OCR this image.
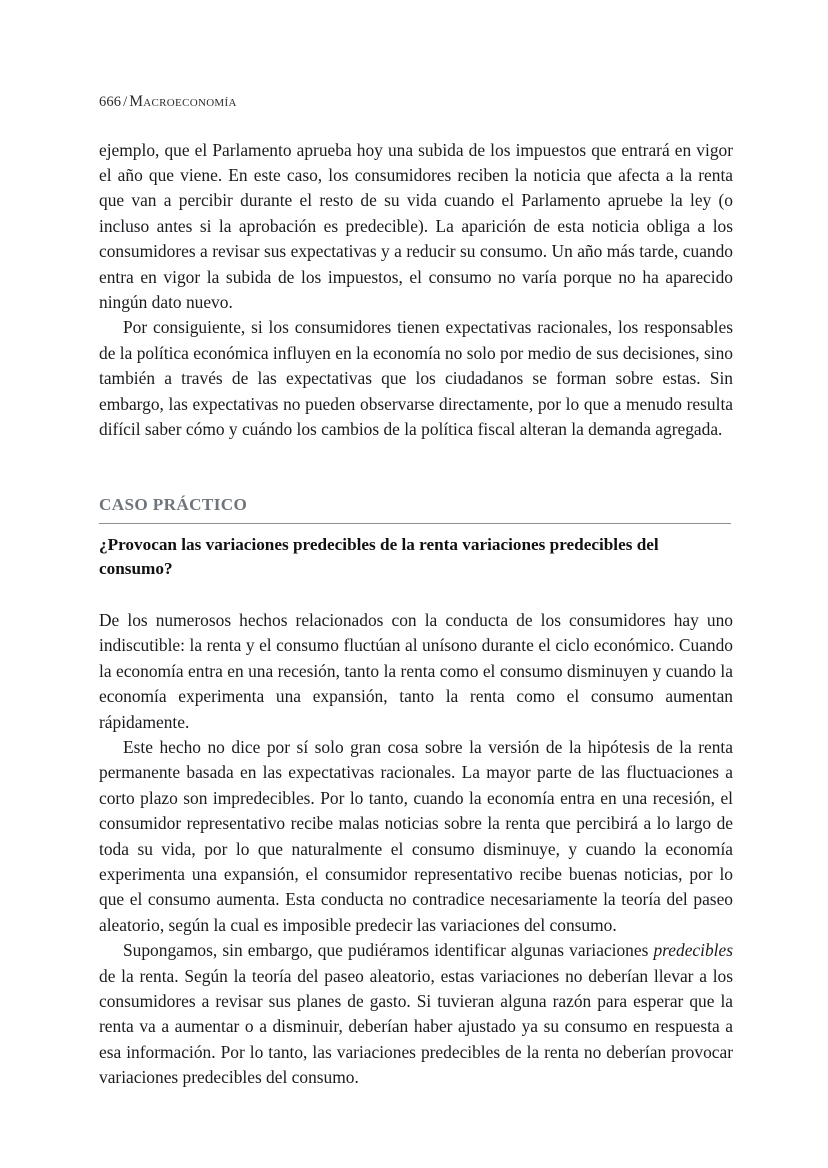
666 / Macroeconomía

ejemplo, que el Parlamento aprueba hoy una subida de los impuestos que entrará en vigor el año que viene. En este caso, los consumidores reciben la noticia que afecta a la renta que van a percibir durante el resto de su vida cuando el Parlamento apruebe la ley (o incluso antes si la aprobación es predecible). La aparición de esta noticia obliga a los consumidores a revisar sus expectativas y a reducir su consumo. Un año más tarde, cuando entra en vigor la subida de los impuestos, el consumo no varía porque no ha aparecido ningún dato nuevo.

Por consiguiente, si los consumidores tienen expectativas racionales, los responsables de la política económica influyen en la economía no solo por medio de sus decisiones, sino también a través de las expectativas que los ciudadanos se forman sobre estas. Sin embargo, las expectativas no pueden observarse directamente, por lo que a menudo resulta difícil saber cómo y cuándo los cambios de la política fiscal alteran la demanda agregada.

CASO PRÁCTICO
¿Provocan las variaciones predecibles de la renta variaciones predecibles del consumo?

De los numerosos hechos relacionados con la conducta de los consumidores hay uno indiscutible: la renta y el consumo fluctúan al unísono durante el ciclo económico. Cuando la economía entra en una recesión, tanto la renta como el consumo disminuyen y cuando la economía experimenta una expansión, tanto la renta como el consumo aumentan rápidamente.

Este hecho no dice por sí solo gran cosa sobre la versión de la hipótesis de la renta permanente basada en las expectativas racionales. La mayor parte de las fluctuaciones a corto plazo son impredecibles. Por lo tanto, cuando la economía entra en una recesión, el consumidor representativo recibe malas noticias sobre la renta que percibirá a lo largo de toda su vida, por lo que naturalmente el consumo disminuye, y cuando la economía experimenta una expansión, el consumidor representativo recibe buenas noticias, por lo que el consumo aumenta. Esta conducta no contradice necesariamente la teoría del paseo aleatorio, según la cual es imposible predecir las variaciones del consumo.

Supongamos, sin embargo, que pudiéramos identificar algunas variaciones predecibles de la renta. Según la teoría del paseo aleatorio, estas variaciones no deberían llevar a los consumidores a revisar sus planes de gasto. Si tuvieran alguna razón para esperar que la renta va a aumentar o a disminuir, deberían haber ajustado ya su consumo en respuesta a esa información. Por lo tanto, las variaciones predecibles de la renta no deberían provocar variaciones predecibles del consumo.
